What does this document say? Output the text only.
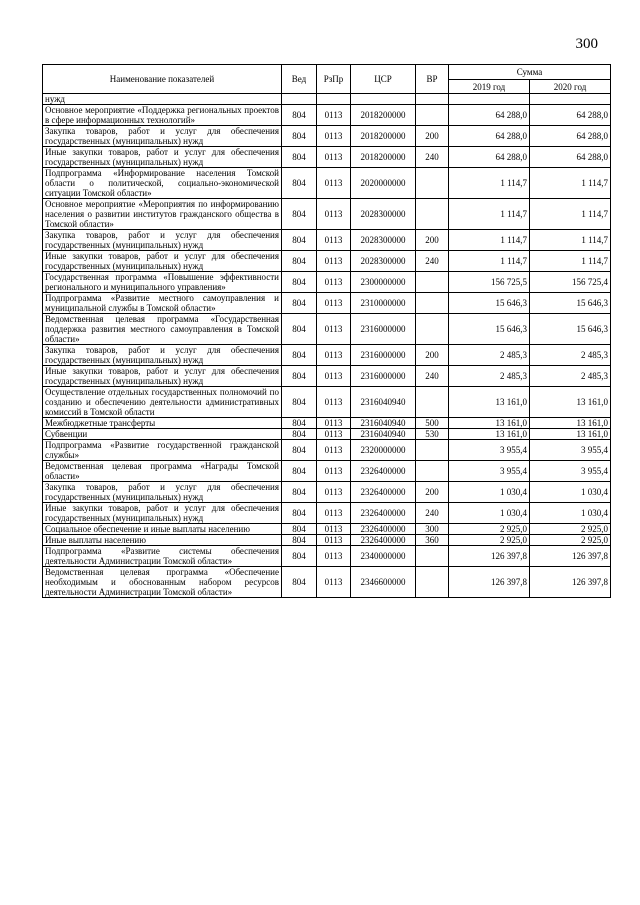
300
Наименование показателей	Вед	РзПр	ЦСР	ВР	Сумма	
					2019 год	2020 год
нужд						
Основное мероприятие «Поддержка региональных проектов в сфере информационных технологий»	804	0113	2018200000		64 288,0	64 288,0
Закупка товаров, работ и услуг для обеспечения государственных (муниципальных) нужд	804	0113	2018200000	200	64 288,0	64 288,0
Иные закупки товаров, работ и услуг для обеспечения государственных (муниципальных) нужд	804	0113	2018200000	240	64 288,0	64 288,0
Подпрограмма «Информирование населения Томской области о политической, социально-экономической ситуации Томской области»	804	0113	2020000000		1 114,7	1 114,7
Основное мероприятие «Мероприятия по информированию населения о развитии институтов гражданского общества в Томской области»	804	0113	2028300000		1 114,7	1 114,7
Закупка товаров, работ и услуг для обеспечения государственных (муниципальных) нужд	804	0113	2028300000	200	1 114,7	1 114,7
Иные закупки товаров, работ и услуг для обеспечения государственных (муниципальных) нужд	804	0113	2028300000	240	1 114,7	1 114,7
Государственная программа «Повышение эффективности регионального и муниципального управления»	804	0113	2300000000		156 725,5	156 725,4
Подпрограмма «Развитие местного самоуправления и муниципальной службы в Томской области»	804	0113	2310000000		15 646,3	15 646,3
Ведомственная целевая программа «Государственная поддержка развития местного самоуправления в Томской области»	804	0113	2316000000		15 646,3	15 646,3
Закупка товаров, работ и услуг для обеспечения государственных (муниципальных) нужд	804	0113	2316000000	200	2 485,3	2 485,3
Иные закупки товаров, работ и услуг для обеспечения государственных (муниципальных) нужд	804	0113	2316000000	240	2 485,3	2 485,3
Осуществление отдельных государственных полномочий по созданию и обеспечению деятельности административных комиссий в Томской области	804	0113	2316040940		13 161,0	13 161,0
Межбюджетные трансферты	804	0113	2316040940	500	13 161,0	13 161,0
Субвенции	804	0113	2316040940	530	13 161,0	13 161,0
Подпрограмма «Развитие государственной гражданской службы»	804	0113	2320000000		3 955,4	3 955,4
Ведомственная целевая программа «Награды Томской области»	804	0113	2326400000		3 955,4	3 955,4
Закупка товаров, работ и услуг для обеспечения государственных (муниципальных) нужд	804	0113	2326400000	200	1 030,4	1 030,4
Иные закупки товаров, работ и услуг для обеспечения государственных (муниципальных) нужд	804	0113	2326400000	240	1 030,4	1 030,4
Социальное обеспечение и иные выплаты населению	804	0113	2326400000	300	2 925,0	2 925,0
Иные выплаты населению	804	0113	2326400000	360	2 925,0	2 925,0
Подпрограмма «Развитие системы обеспечения деятельности Администрации Томской области»	804	0113	2340000000		126 397,8	126 397,8
Ведомственная целевая программа «Обеспечение необходимым и обоснованным набором ресурсов деятельности Администрации Томской области»	804	0113	2346600000		126 397,8	126 397,8
